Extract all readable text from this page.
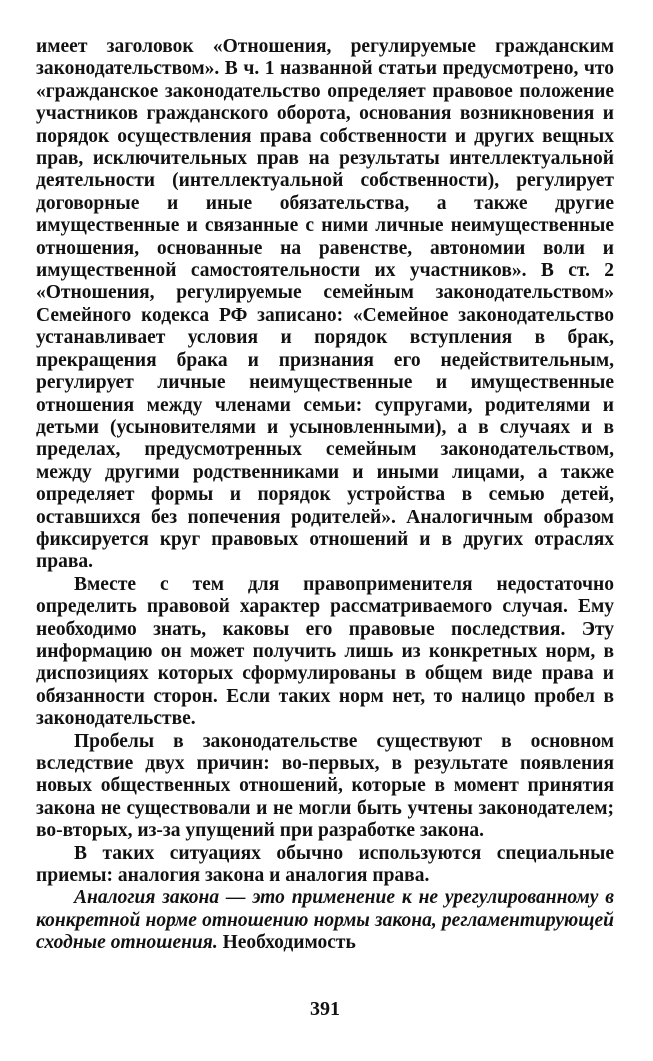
имеет заголовок «Отношения, регулируемые гражданским законодательством». В ч. 1 названной статьи предусмотрено, что «гражданское законодательство определяет правовое положение участников гражданского оборота, основания возникновения и порядок осуществления права собственности и других вещных прав, исключительных прав на результаты интеллектуальной деятельности (интеллектуальной собственности), регулирует договорные и иные обязательства, а также другие имущественные и связанные с ними личные неимущественные отношения, основанные на равенстве, автономии воли и имущественной самостоятельности их участников». В ст. 2 «Отношения, регулируемые семейным законодательством» Семейного кодекса РФ записано: «Семейное законодательство устанавливает условия и порядок вступления в брак, прекращения брака и признания его недействительным, регулирует личные неимущественные и имущественные отношения между членами семьи: супругами, родителями и детьми (усыновителями и усыновленными), а в случаях и в пределах, предусмотренных семейным законодательством, между другими родственниками и иными лицами, а также определяет формы и порядок устройства в семью детей, оставшихся без попечения родителей». Аналогичным образом фиксируется круг правовых отношений и в других отраслях права.

Вместе с тем для правоприменителя недостаточно определить правовой характер рассматриваемого случая. Ему необходимо знать, каковы его правовые последствия. Эту информацию он может получить лишь из конкретных норм, в диспозициях которых сформулированы в общем виде права и обязанности сторон. Если таких норм нет, то налицо пробел в законодательстве.

Пробелы в законодательстве существуют в основном вследствие двух причин: во-первых, в результате появления новых общественных отношений, которые в момент принятия закона не существовали и не могли быть учтены законодателем; во-вторых, из-за упущений при разработке закона.

В таких ситуациях обычно используются специальные приемы: аналогия закона и аналогия права.

Аналогия закона — это применение к не урегулированному в конкретной норме отношению нормы закона, регламентирующей сходные отношения. Необходимость

391
